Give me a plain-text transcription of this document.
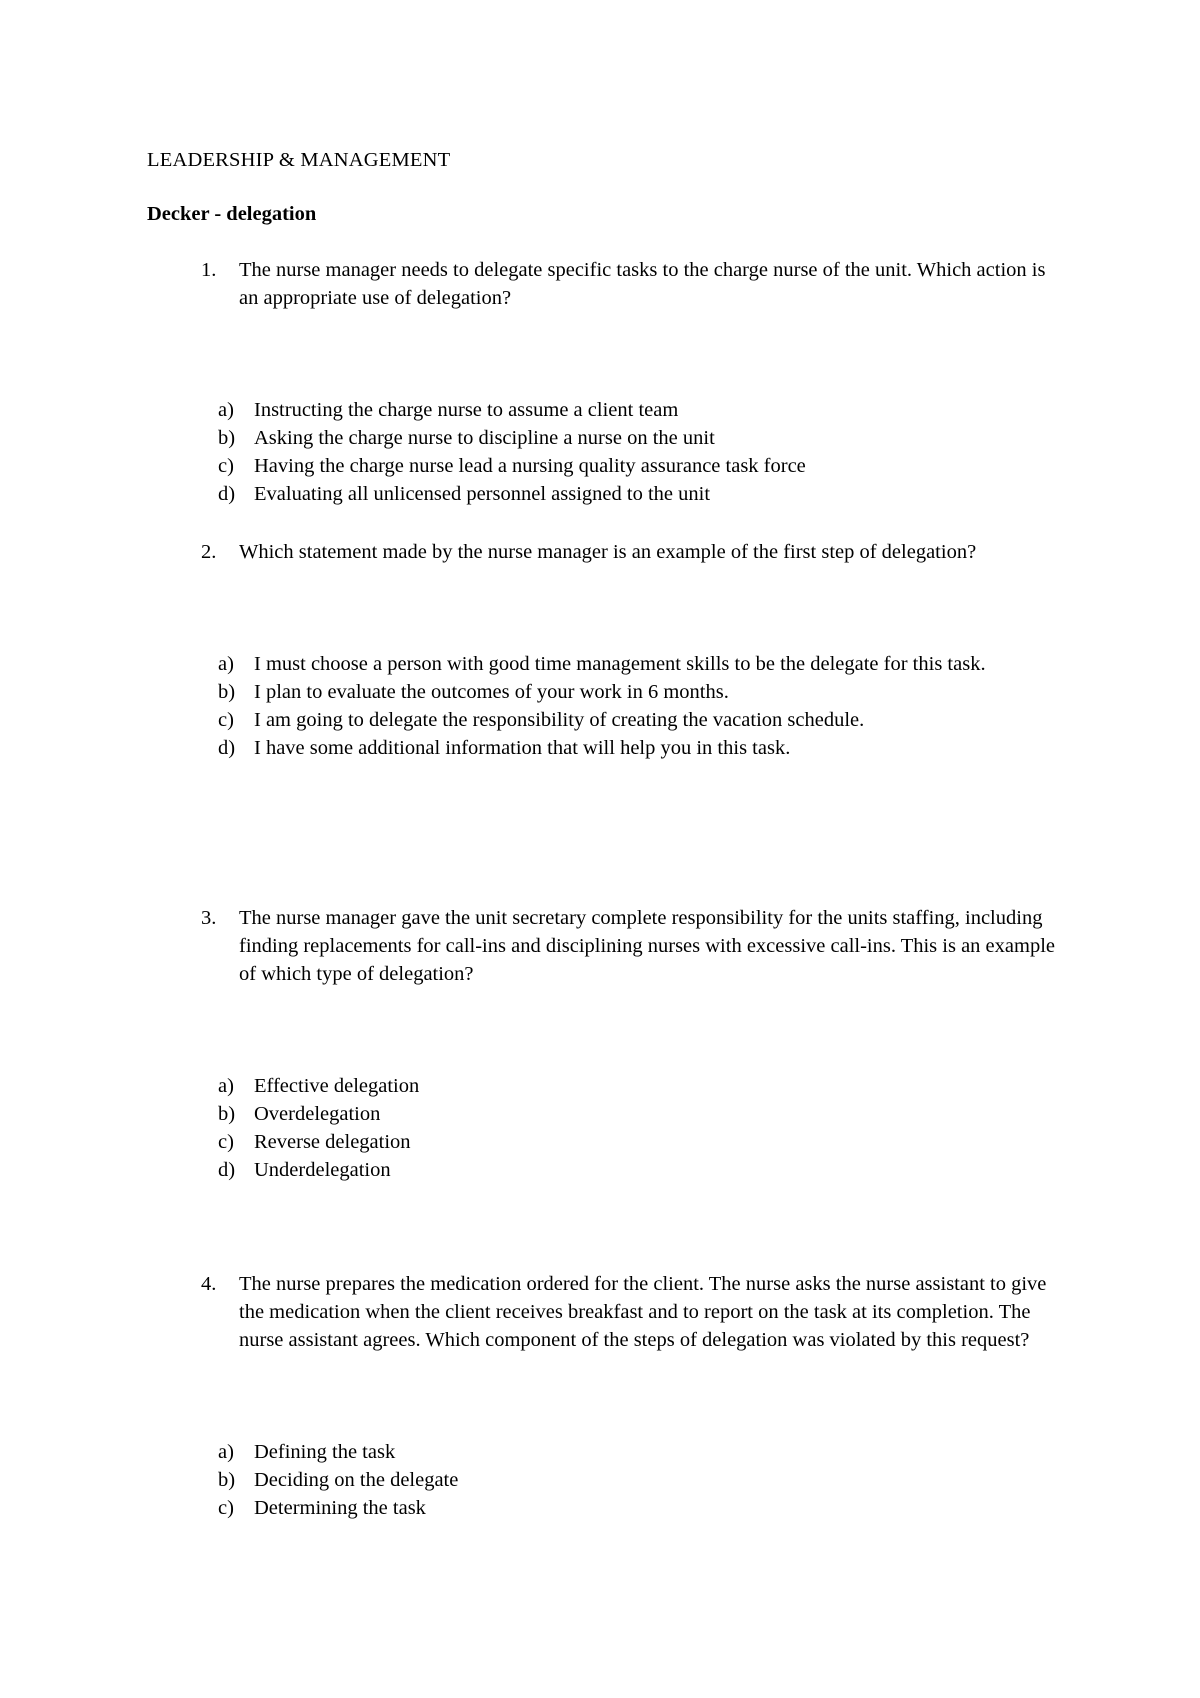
LEADERSHIP & MANAGEMENT
Decker - delegation
1. The nurse manager needs to delegate specific tasks to the charge nurse of the unit. Which action is an appropriate use of delegation?
a) Instructing the charge nurse to assume a client team
b) Asking the charge nurse to discipline a nurse on the unit
c) Having the charge nurse lead a nursing quality assurance task force
d) Evaluating all unlicensed personnel assigned to the unit
2. Which statement made by the nurse manager is an example of the first step of delegation?
a) I must choose a person with good time management skills to be the delegate for this task.
b) I plan to evaluate the outcomes of your work in 6 months.
c) I am going to delegate the responsibility of creating the vacation schedule.
d) I have some additional information that will help you in this task.
3. The nurse manager gave the unit secretary complete responsibility for the units staffing, including finding replacements for call-ins and disciplining nurses with excessive call-ins. This is an example of which type of delegation?
a) Effective delegation
b) Overdelegation
c) Reverse delegation
d) Underdelegation
4. The nurse prepares the medication ordered for the client. The nurse asks the nurse assistant to give the medication when the client receives breakfast and to report on the task at its completion. The nurse assistant agrees. Which component of the steps of delegation was violated by this request?
a) Defining the task
b) Deciding on the delegate
c) Determining the task
